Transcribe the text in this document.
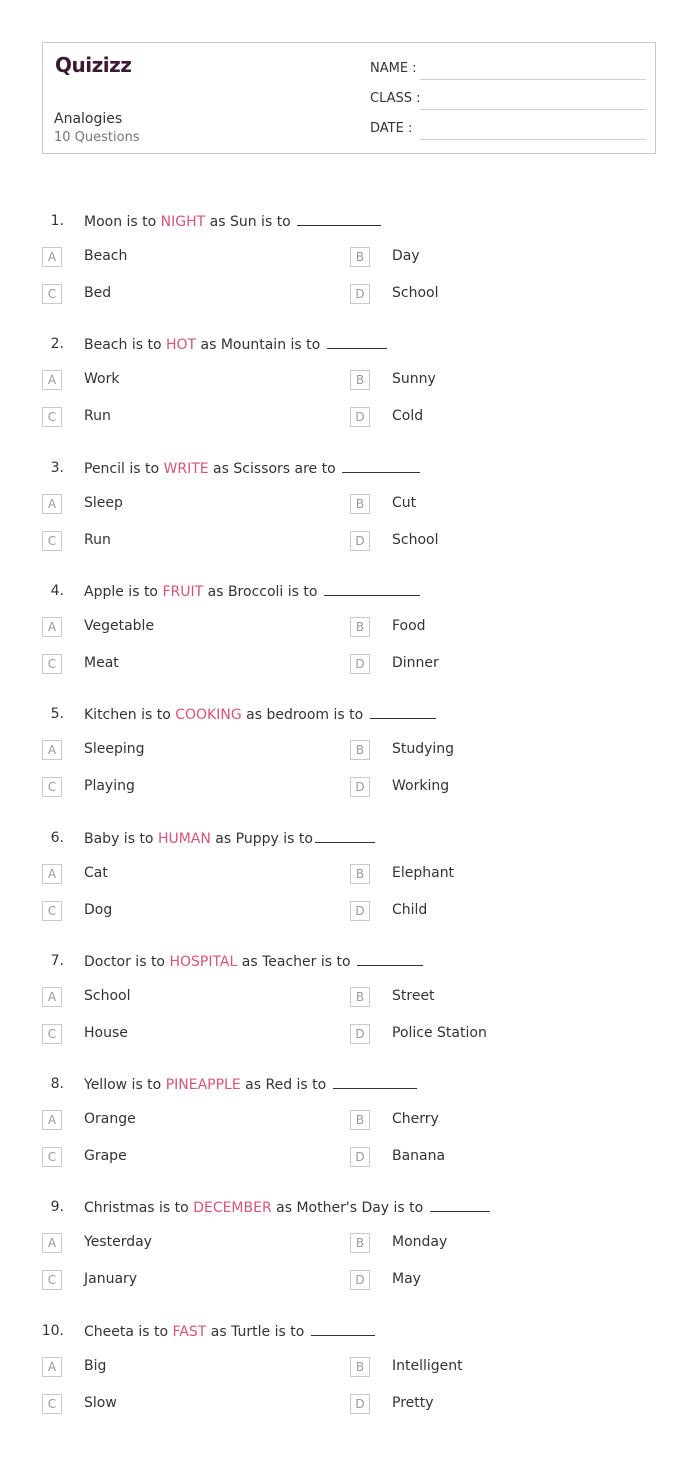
Quizizz
Analogies
10 Questions
NAME :
CLASS :
DATE :
1. Moon is to NIGHT as Sun is to
A	Beach	B	Day
C	Bed	D	School
2. Beach is to HOT as Mountain is to
A	Work	B	Sunny
C	Run	D	Cold
3. Pencil is to WRITE as Scissors are to
A	Sleep	B	Cut
C	Run	D	School
4. Apple is to FRUIT as Broccoli is to
A	Vegetable	B	Food
C	Meat	D	Dinner
5. Kitchen is to COOKING as bedroom is to
A	Sleeping	B	Studying
C	Playing	D	Working
6. Baby is to HUMAN as Puppy is to
A	Cat	B	Elephant
C	Dog	D	Child
7. Doctor is to HOSPITAL as Teacher is to
A	School	B	Street
C	House	D	Police Station
8. Yellow is to PINEAPPLE as Red is to
A	Orange	B	Cherry
C	Grape	D	Banana
9. Christmas is to DECEMBER as Mother's Day is to
A	Yesterday	B	Monday
C	January	D	May
10. Cheeta is to FAST as Turtle is to
A	Big	B	Intelligent
C	Slow	D	Pretty
